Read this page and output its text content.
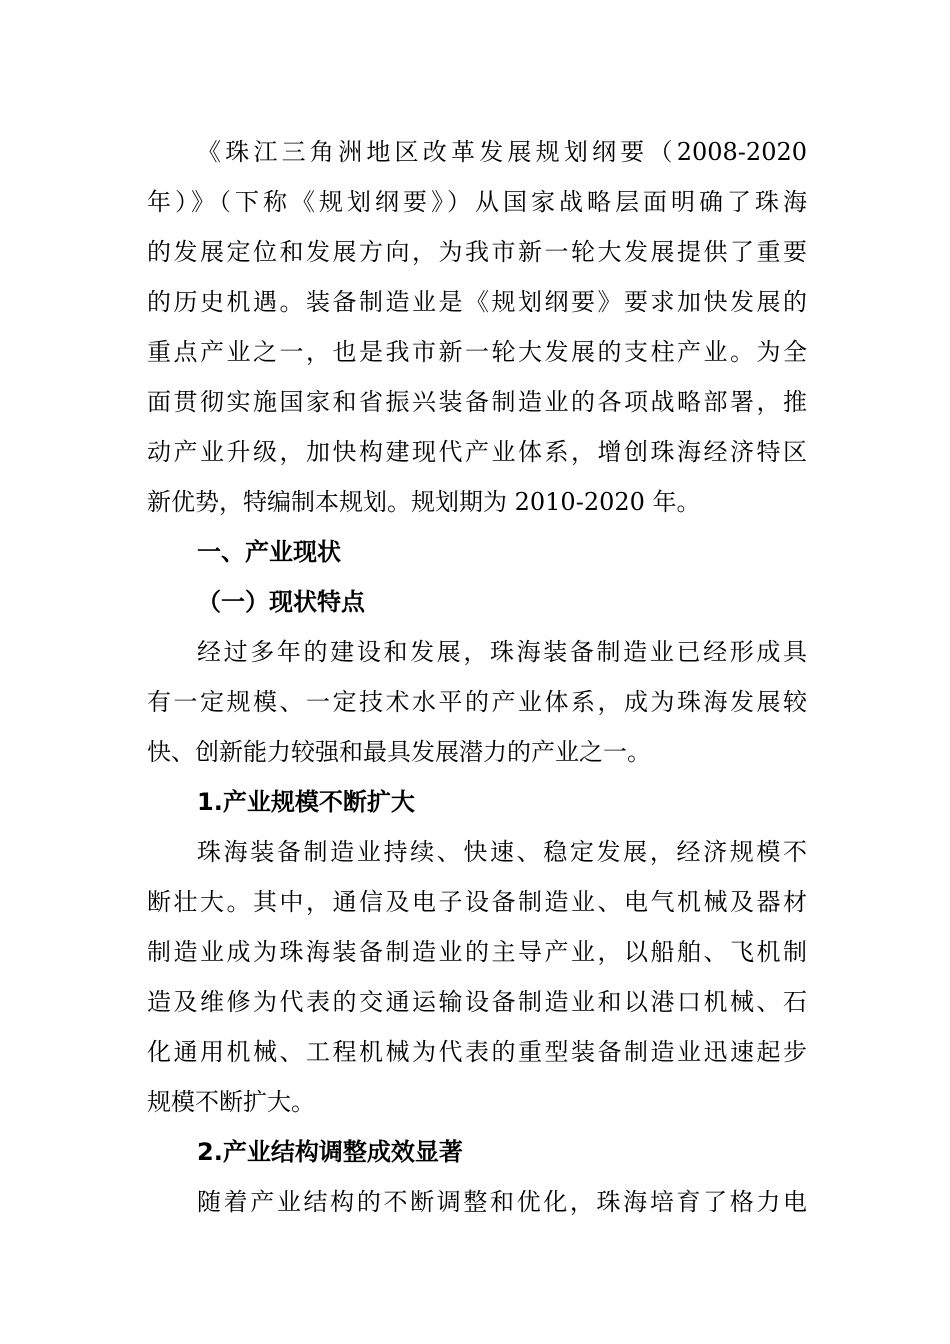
《珠江三角洲地区改革发展规划纲要（2008-2020
年）》（下称《规划纲要》）从国家战略层面明确了珠海
的发展定位和发展方向，为我市新一轮大发展提供了重要
的历史机遇。装备制造业是《规划纲要》要求加快发展的
重点产业之一，也是我市新一轮大发展的支柱产业。为全
面贯彻实施国家和省振兴装备制造业的各项战略部署，推
动产业升级，加快构建现代产业体系，增创珠海经济特区
新优势，特编制本规划。规划期为 2010-2020 年。
一、产业现状
（一）现状特点
经过多年的建设和发展，珠海装备制造业已经形成具
有一定规模、一定技术水平的产业体系，成为珠海发展较
快、创新能力较强和最具发展潜力的产业之一。
1.产业规模不断扩大
珠海装备制造业持续、快速、稳定发展，经济规模不
断壮大。其中，通信及电子设备制造业、电气机械及器材
制造业成为珠海装备制造业的主导产业，以船舶、飞机制
造及维修为代表的交通运输设备制造业和以港口机械、石
化通用机械、工程机械为代表的重型装备制造业迅速起步
规模不断扩大。
2.产业结构调整成效显著
随着产业结构的不断调整和优化，珠海培育了格力电
